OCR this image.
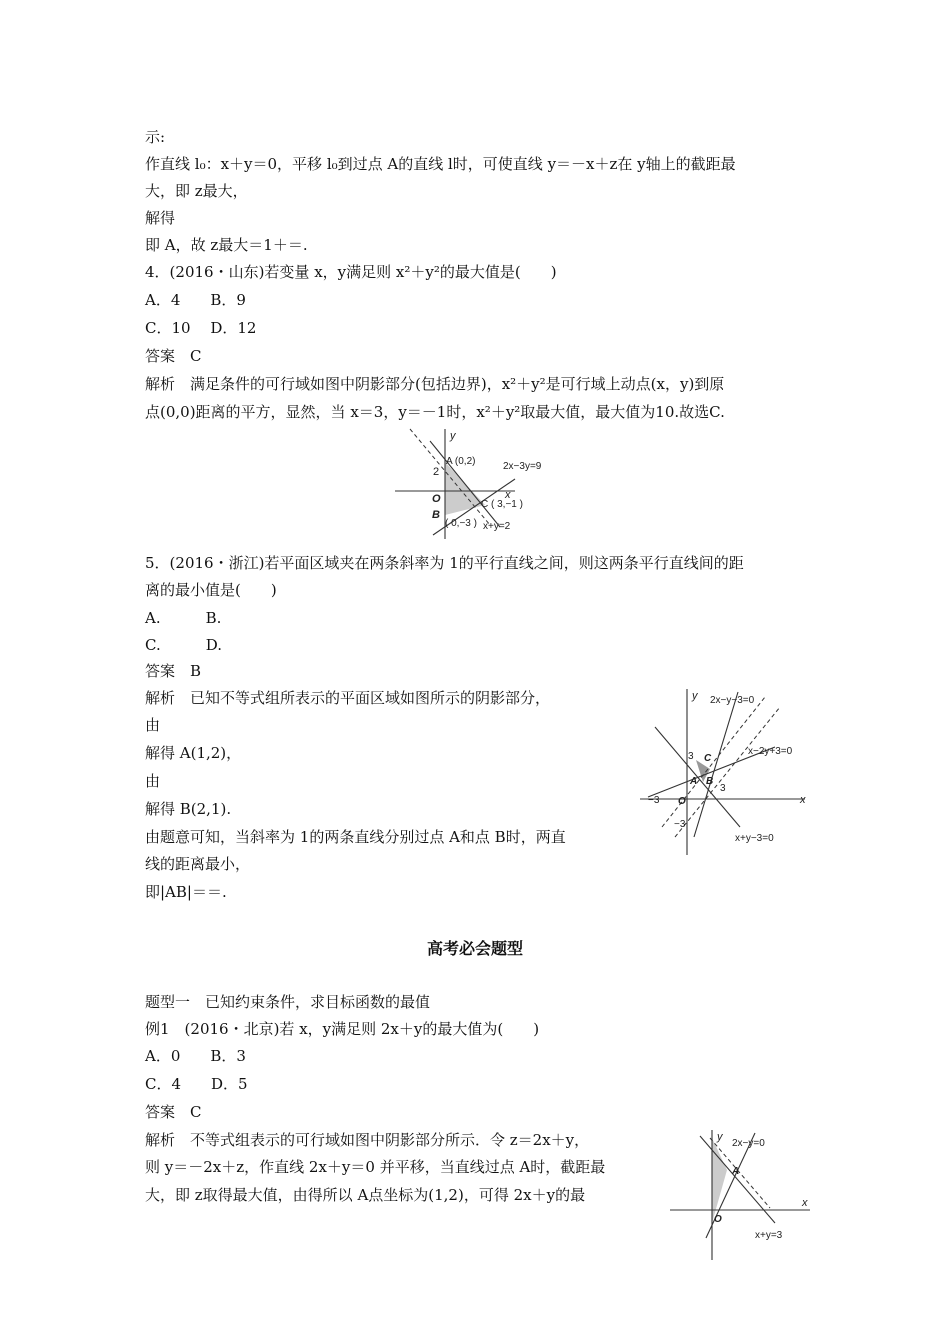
示:
作直线 l₀：x＋y＝0，平移 l₀到过点 A的直线 l时，可使直线 y＝－x＋z在 y轴上的截距最
大，即 z最大，
解得
即 A，故 z最大＝1＋＝.
4．(2016・山东)若变量 x，y满足则 x²＋y²的最大值是(　　)
A．4　　B．9
C．10　 D．12
答案　C
解析　满足条件的可行域如图中阴影部分(包括边界)，x²＋y²是可行域上动点(x，y)到原
点(0,0)距离的平方，显然，当 x＝3，y＝－1时，x²＋y²取最大值，最大值为10.故选C.
5．(2016・浙江)若平面区域夹在两条斜率为 1的平行直线之间，则这两条平行直线间的距
离的最小值是(　　)
A.　　　B.
C.　　　D.
答案　B
解析　已知不等式组所表示的平面区域如图所示的阴影部分，
由
解得 A(1,2)，
由
解得 B(2,1).
由题意可知，当斜率为 1的两条直线分别过点 A和点 B时，两直
线的距离最小，
即|AB|＝＝.
题型一　已知约束条件，求目标函数的最值
例1　(2016・北京)若 x，y满足则 2x＋y的最大值为(　　)
A．0　　B．3
C．4　　D．5
答案　C
解析　不等式组表示的可行域如图中阴影部分所示．令 z＝2x＋y，
则 y＝－2x＋z，作直线 2x＋y＝0 并平移，当直线过点 A时，截距最
大，即 z取得最大值，由得所以 A点坐标为(1,2)，可得 2x＋y的最
高考必会题型
y
x
2
O
B
A (0,2)	2x−3y=9
C ( 3,−1 )
( 0,−3 ) x+y=2
y
x
2x−y−3=0
x−2y+3=0
x+y−3=0
3
−3 O
3
−3
A B
C
y
x
2x−y=0
x+y=3
A
O
